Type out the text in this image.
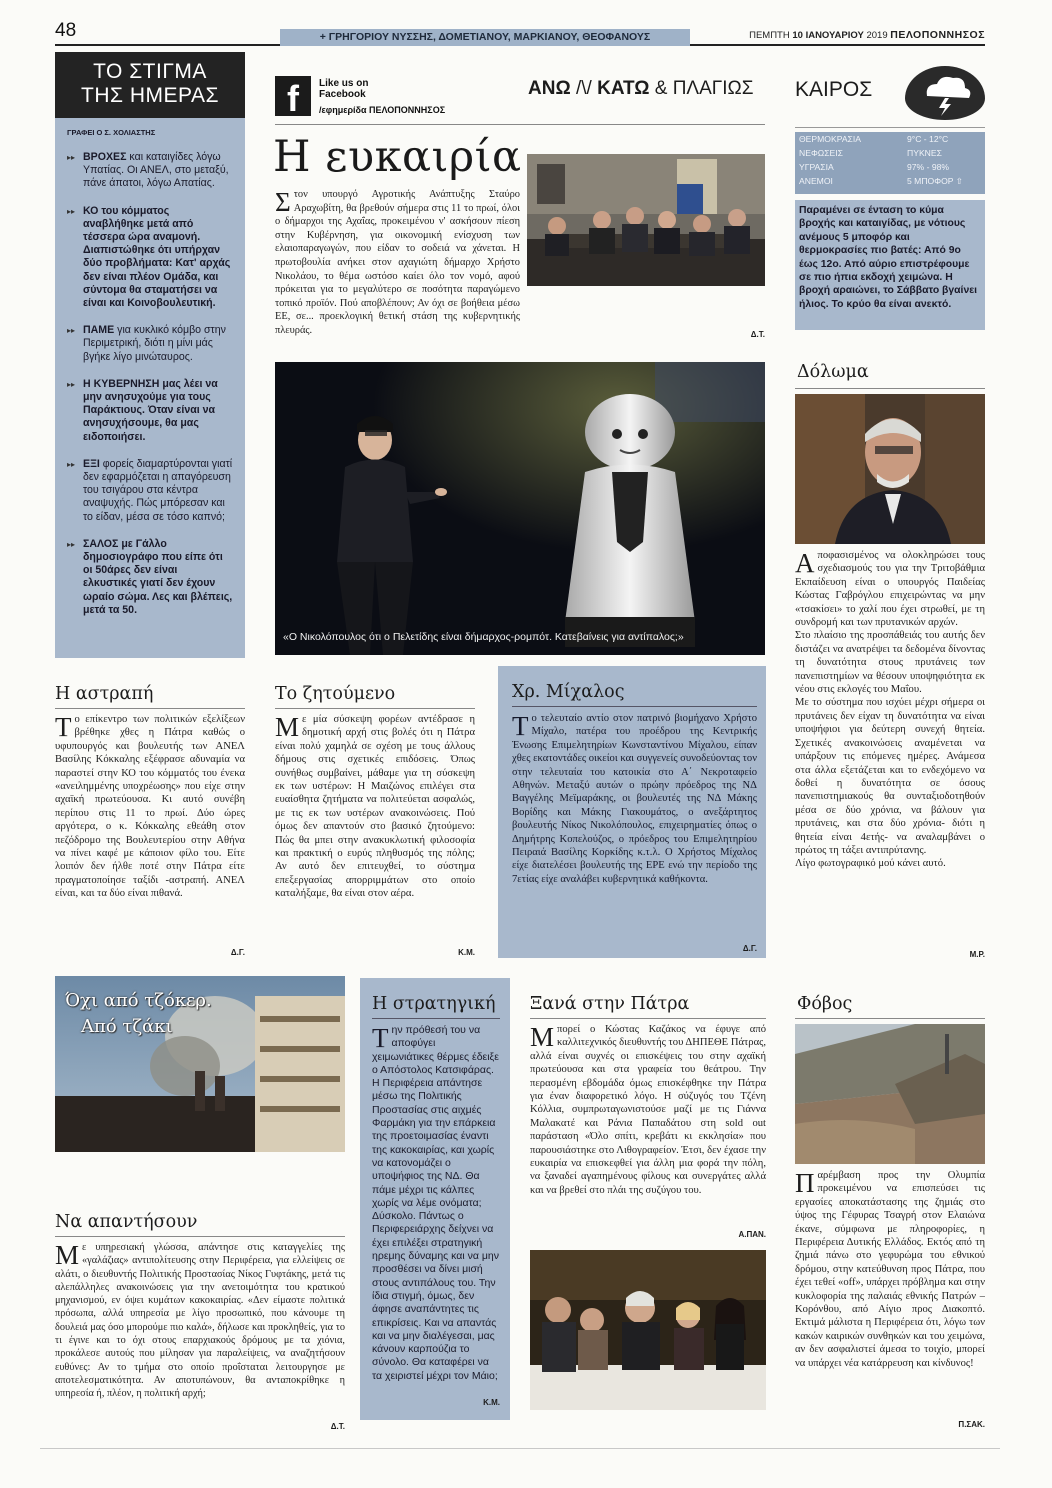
48	+ ΓΡΗΓΟΡΙΟΥ ΝΥΣΣΗΣ, ΔΟΜΕΤΙΑΝΟΥ, ΜΑΡΚΙΑΝΟΥ, ΘΕΟΦΑΝΟΥΣ	ΠΕΜΠΤΗ 10 ΙΑΝΟΥΑΡΙΟΥ 2019 ΠΕΛΟΠΟΝΝΗΣΟΣ
ΤΟ ΣΤΙΓΜΑ
ΤΗΣ ΗΜΕΡΑΣ
ΓΡΑΦΕΙ Ο Σ. ΧΟΛΙΑΣΤΗΣ
▸▸ ΒΡΟΧΕΣ και καταιγίδες λόγω Υπατίας. Οι ΑΝΕΛ, στο μεταξύ, πάνε άπατοι, λόγω Απατίας.
▸▸ ΚΟ του κόμματος αναβλήθηκε μετά από τέσσερα ώρα αναμονή. Διαπιστώθηκε ότι υπήρχαν δύο προβλήματα: Κατ' αρχάς δεν είναι πλέον Ομάδα, και σύντομα θα σταματήσει να είναι και Κοινοβουλευτική.
▸▸ ΠΑΜΕ για κυκλικό κόμβο στην Περιμετρική, διότι η μίνι μάς βγήκε λίγο μινώταυρος.
▸▸ Η ΚΥΒΕΡΝΗΣΗ μας λέει να μην ανησυχούμε για τους Παράκτιους. Όταν είναι να ανησυχήσουμε, θα μας ειδοποιήσει.
▸▸ ΕΞΙ φορείς διαμαρτύρονται γιατί δεν εφαρμόζεται η απαγόρευση του τσιγάρου στα κέντρα αναψυχής. Πώς μπόρεσαν και το είδαν, μέσα σε τόσο καπνό;
▸▸ ΣΑΛΟΣ με Γάλλο δημοσιογράφο που είπε ότι οι 50άρες δεν είναι ελκυστικές γιατί δεν έχουν ωραίο σώμα. Λες και βλέπεις, μετά τα 50.
f	Like us on
Facebook
/εφημερίδα ΠΕΛΟΠΟΝΝΗΣΟΣ
ΑΝΩ /\/ ΚΑΤΩ & ΠΛΑΓΙΩΣ
Η ευκαιρία
Στον υπουργό Αγροτικής Ανάπτυξης Σταύρο Αραχωβίτη, θα βρεθούν σήμερα στις 11 το πρωί, όλοι ο δήμαρχοι της Αχαΐας, προκειμένου ν' ασκήσουν πίεση στην Κυβέρνηση, για οικονομική ενίσχυση των ελαιοπαραγωγών, που είδαν το σοδειά να χάνεται. Η πρωτοβουλία ανήκει στον αχαγιώτη δήμαρχο Χρήστο Νικολάου, το θέμα ωστόσο καίει όλο τον νομό, αφού πρόκειται για το μεγαλύτερο σε ποσότητα παραγώμενο τοπικό προϊόν. Πού αποβλέπουν; Αν όχι σε βοήθεια μέσω ΕΕ, σε... προεκλογική θετική στάση της κυβερνητικής πλευράς.	Δ.Τ.
«Ο Νικολόπουλος ότι ο Πελετίδης είναι δήμαρχος-ρομπότ. Κατεβαίνεις για αντίπαλος;»
ΚΑΙΡΟΣ
ΘΕΡΜΟΚΡΑΣΙΑ	9°C - 12°C
ΝΕΦΩΣΕΙΣ	ΠΥΚΝΕΣ
ΥΓΡΑΣΙΑ	97% - 98%
ΑΝΕΜΟΙ	5 ΜΠΟΦΟΡ ⇧
Παραμένει σε ένταση το κύμα βροχής και καταιγίδας, με νότιους ανέμους 5 μποφόρ και θερμοκρασίες πιο βατές: Από 9ο έως 12ο. Από αύριο επιστρέφουμε σε πιο ήπια εκδοχή χειμώνα. Η βροχή αραιώνει, το Σάββατο βγαίνει ήλιος. Το κρύο θα είναι ανεκτό.
Δόλωμα
Αποφασισμένος να ολοκληρώσει τους σχεδιασμούς του για την Τριτοβάθμια Εκπαίδευση είναι ο υπουργός Παιδείας Κώστας Γαβρόγλου επιχειρώντας να μην «τσακίσει» το χαλί που έχει στρωθεί, με τη συνδρομή και των πρυτανικών αρχών.
Στο πλαίσιο της προσπάθειάς του αυτής δεν διστάζει να ανατρέψει τα δεδομένα δίνοντας τη δυνατότητα στους πρυτάνεις των πανεπιστημίων να θέσουν υποψηφιότητα εκ νέου στις εκλογές του Μαΐου.
Με το σύστημα που ισχύει μέχρι σήμερα οι πρυτάνεις δεν είχαν τη δυνατότητα να είναι υποψήφιοι για δεύτερη συνεχή θητεία. Σχετικές ανακοινώσεις αναμένεται να υπάρξουν τις επόμενες ημέρες. Ανάμεσα στα άλλα εξετάζεται και το ενδεχόμενο να δοθεί η δυνατότητα σε όσους πανεπιστημιακούς θα συνταξιοδοτηθούν μέσα σε δύο χρόνια, να βάλουν για πρυτάνεις, και στα δύο χρόνια- διότι η θητεία είναι 4ετής- να αναλαμβάνει ο πρώτος τη τάξει αντιπρύτανης.
Λίγο φωτογραφικό μού κάνει αυτό.
Μ.Ρ.
Η αστραπή
Το επίκεντρο των πολιτικών εξελίξεων βρέθηκε χθες η Πάτρα καθώς ο υφυπουργός και βουλευτής των ΑΝΕΛ Βασίλης Κόκκαλης εξέφρασε αδυναμία να παραστεί στην ΚΟ του κόμματός του ένεκα «ανειλημμένης υποχρέωσης» που είχε στην αχαϊκή πρωτεύουσα. Κι αυτό συνέβη περίπου στις 11 το πρωί. Δύο ώρες αργότερα, ο κ. Κόκκαλης εθεάθη στον πεζόδρομο της Βουλευτερίου στην Αθήνα να πίνει καφέ με κάποιον φίλο του. Είτε λοιπόν δεν ήλθε ποτέ στην Πάτρα είτε πραγματοποίησε ταξίδι -αστραπή. ΑΝΕΛ είναι, και τα δύο είναι πιθανά.
Δ.Γ.
Το ζητούμενο
Με μία σύσκεψη φορέων αντέδρασε η δημοτική αρχή στις βολές ότι η Πάτρα είναι πολύ χαμηλά σε σχέση με τους άλλους δήμους στις σχετικές επιδόσεις. Όπως συνήθως συμβαίνει, μάθαμε για τη σύσκεψη εκ των υστέρων: Η Μαιζώνος επιλέγει στα ευαίσθητα ζητήματα να πολιτεύεται ασφαλώς, με τις εκ των υστέρων ανακοινώσεις. Πού όμως δεν απαντούν στο βασικό ζητούμενο: Πώς θα μπει στην ανακυκλωτική φιλοσοφία και πρακτική ο ευρύς πληθυσμός της πόλης; Αν αυτό δεν επιτευχθεί, το σύστημα επεξεργασίας απορριμμάτων στο οποίο καταλήξαμε, θα είναι στον αέρα.
Κ.Μ.
Χρ. Μίχαλος
Το τελευταίο αντίο στον πατρινό βιομήχανο Χρήστο Μίχαλο, πατέρα του προέδρου της Κεντρικής Ένωσης Επιμελητηρίων Κωνσταντίνου Μίχαλου, είπαν χθες εκατοντάδες οικείοι και συγγενείς συνοδεύοντας τον στην τελευταία του κατοικία στο Α΄ Νεκροταφείο Αθηνών. Μεταξύ αυτών ο πρώην πρόεδρος της ΝΔ Βαγγέλης Μεϊμαράκης, οι βουλευτές της ΝΔ Μάκης Βορίδης και Μάκης Γιακουμάτος, ο ανεξάρτητος βουλευτής Νίκος Νικολόπουλος, επιχειρηματίες όπως ο Δημήτρης Κοπελούζος, ο πρόεδρος του Επιμελητηρίου Πειραιά Βασίλης Κορκίδης κ.τ.λ. Ο Χρήστος Μίχαλος είχε διατελέσει βουλευτής της ΕΡΕ ενώ την περίοδο της 7ετίας είχε αναλάβει κυβερνητικά καθήκοντα.
Δ.Γ.
Όχι από τζόκερ.
Από τζάκι
Να απαντήσουν
Με υπηρεσιακή γλώσσα, απάντησε στις καταγγελίες της «γαλάζιας» αντιπολίτευσης στην Περιφέρεια, για ελλείψεις σε αλάτι, ο διευθυντής Πολιτικής Προστασίας Νίκος Γυφτάκης, μετά τις αλεπάλληλες ανακοινώσεις για την ανετοιμότητα του κρατικού μηχανισμού, εν όψει κυμάτων κακοκαιρίας. «Δεν είμαστε πολιτικά πρόσωπα, αλλά υπηρεσία με λίγο προσωπικό, που κάνουμε τη δουλειά μας όσο μπορούμε πιο καλά», δήλωσε και προκληθείς, για το τι έγινε και το όχι στους επαρχιακούς δρόμους με τα χιόνια, προκάλεσε αυτούς που μίλησαν για παραλείψεις, να αναζητήσουν ευθύνες: Αν το τμήμα στο οποίο προΐσταται λειτουργησε με αποτελεσματικότητα. Αν αποτυπώνουν, θα ανταποκρίθηκε η υπηρεσία ή, πλέον, η πολιτική αρχή;
Δ.Τ.
Η στρατηγική
Την πρόθεσή του να αποφύγει χειμωνιάτικες θέρμες έδειξε ο Απόστολος Κατσιφάρας. Η Περιφέρεια απάντησε μέσω της Πολιτικής Προστασίας στις αιχμές Φαρμάκη για την επάρκεια της προετοιμασίας έναντι της κακοκαιρίας, και χωρίς να κατονομάζει ο υποψήφιος της ΝΔ. Θα πάμε μέχρι τις κάλπες χωρίς να λέμε ονόματα; Δύσκολο. Πάντως ο Περιφερειάρχης δείχνει να έχει επιλέξει στρατηγική ηρεμης δύναμης και να μην προσθέσει να δίνει μισή στους αντιπάλους του. Την ίδια στιγμή, όμως, δεν άφησε αναπάντητες τις επικρίσεις. Και να απαντάς και να μην διαλέγεσαι, μας κάνουν καρπούζια το σύνολο. Θα καταφέρει να τα χειριστεί μέχρι τον Μάιο;
Κ.Μ.
Ξανά στην Πάτρα
Μπορεί ο Κώστας Καζάκος να έφυγε από καλλιτεχνικός διευθυντής του ΔΗΠΕΘΕ Πάτρας, αλλά είναι συχνές οι επισκέψεις του στην αχαϊκή πρωτεύουσα και στα γραφεία του θεάτρου. Την περασμένη εβδομάδα όμως επισκέφθηκε την Πάτρα για έναν διαφορετικό λόγο. Η σύζυγός του Τζένη Κόλλια, συμπρωταγωνιστούσε μαζί με τις Γιάννα Μαλακατέ και Ράνια Παπαδάτου στη sold out παράσταση «Όλο σπίτι, κρεβάτι κι εκκλησία» που παρουσιάστηκε στο Λιθογραφείον. Έτσι, δεν έχασε την ευκαιρία να επισκεφθεί για άλλη μια φορά την πόλη, να ξαναδεί αγαπημένους φίλους και συνεργάτες αλλά και να βρεθεί στο πλάι της συζύγου του.
Α.ΠΑΝ.
Φόβος
Παρέμβαση προς την Ολυμπία προκειμένου να επισπεύσει τις εργασίες αποκατάστασης της ζημιάς στο ύψος της Γέφυρας Τσαγρή στον Ελαιώνα έκανε, σύμφωνα με πληροφορίες, η Περιφέρεια Δυτικής Ελλάδος. Εκτός από τη ζημιά πάνω στο γεφυρώμα του εθνικού δρόμου, στην κατεύθυνση προς Πάτρα, που έχει τεθεί «off», υπάρχει πρόβλημα και στην κυκλοφορία της παλαιάς εθνικής Πατρών – Κορόνθου, από Αίγιο προς Διακοπτό. Εκτιμά μάλιστα η Περιφέρεια ότι, λόγω των κακών καιρικών συνθηκών και του χειμώνα, αν δεν ασφαλιστεί άμεσα το τοιχίο, μπορεί να υπάρχει νέα κατάρρευση και κίνδυνος!
Π.ΣΑΚ.
